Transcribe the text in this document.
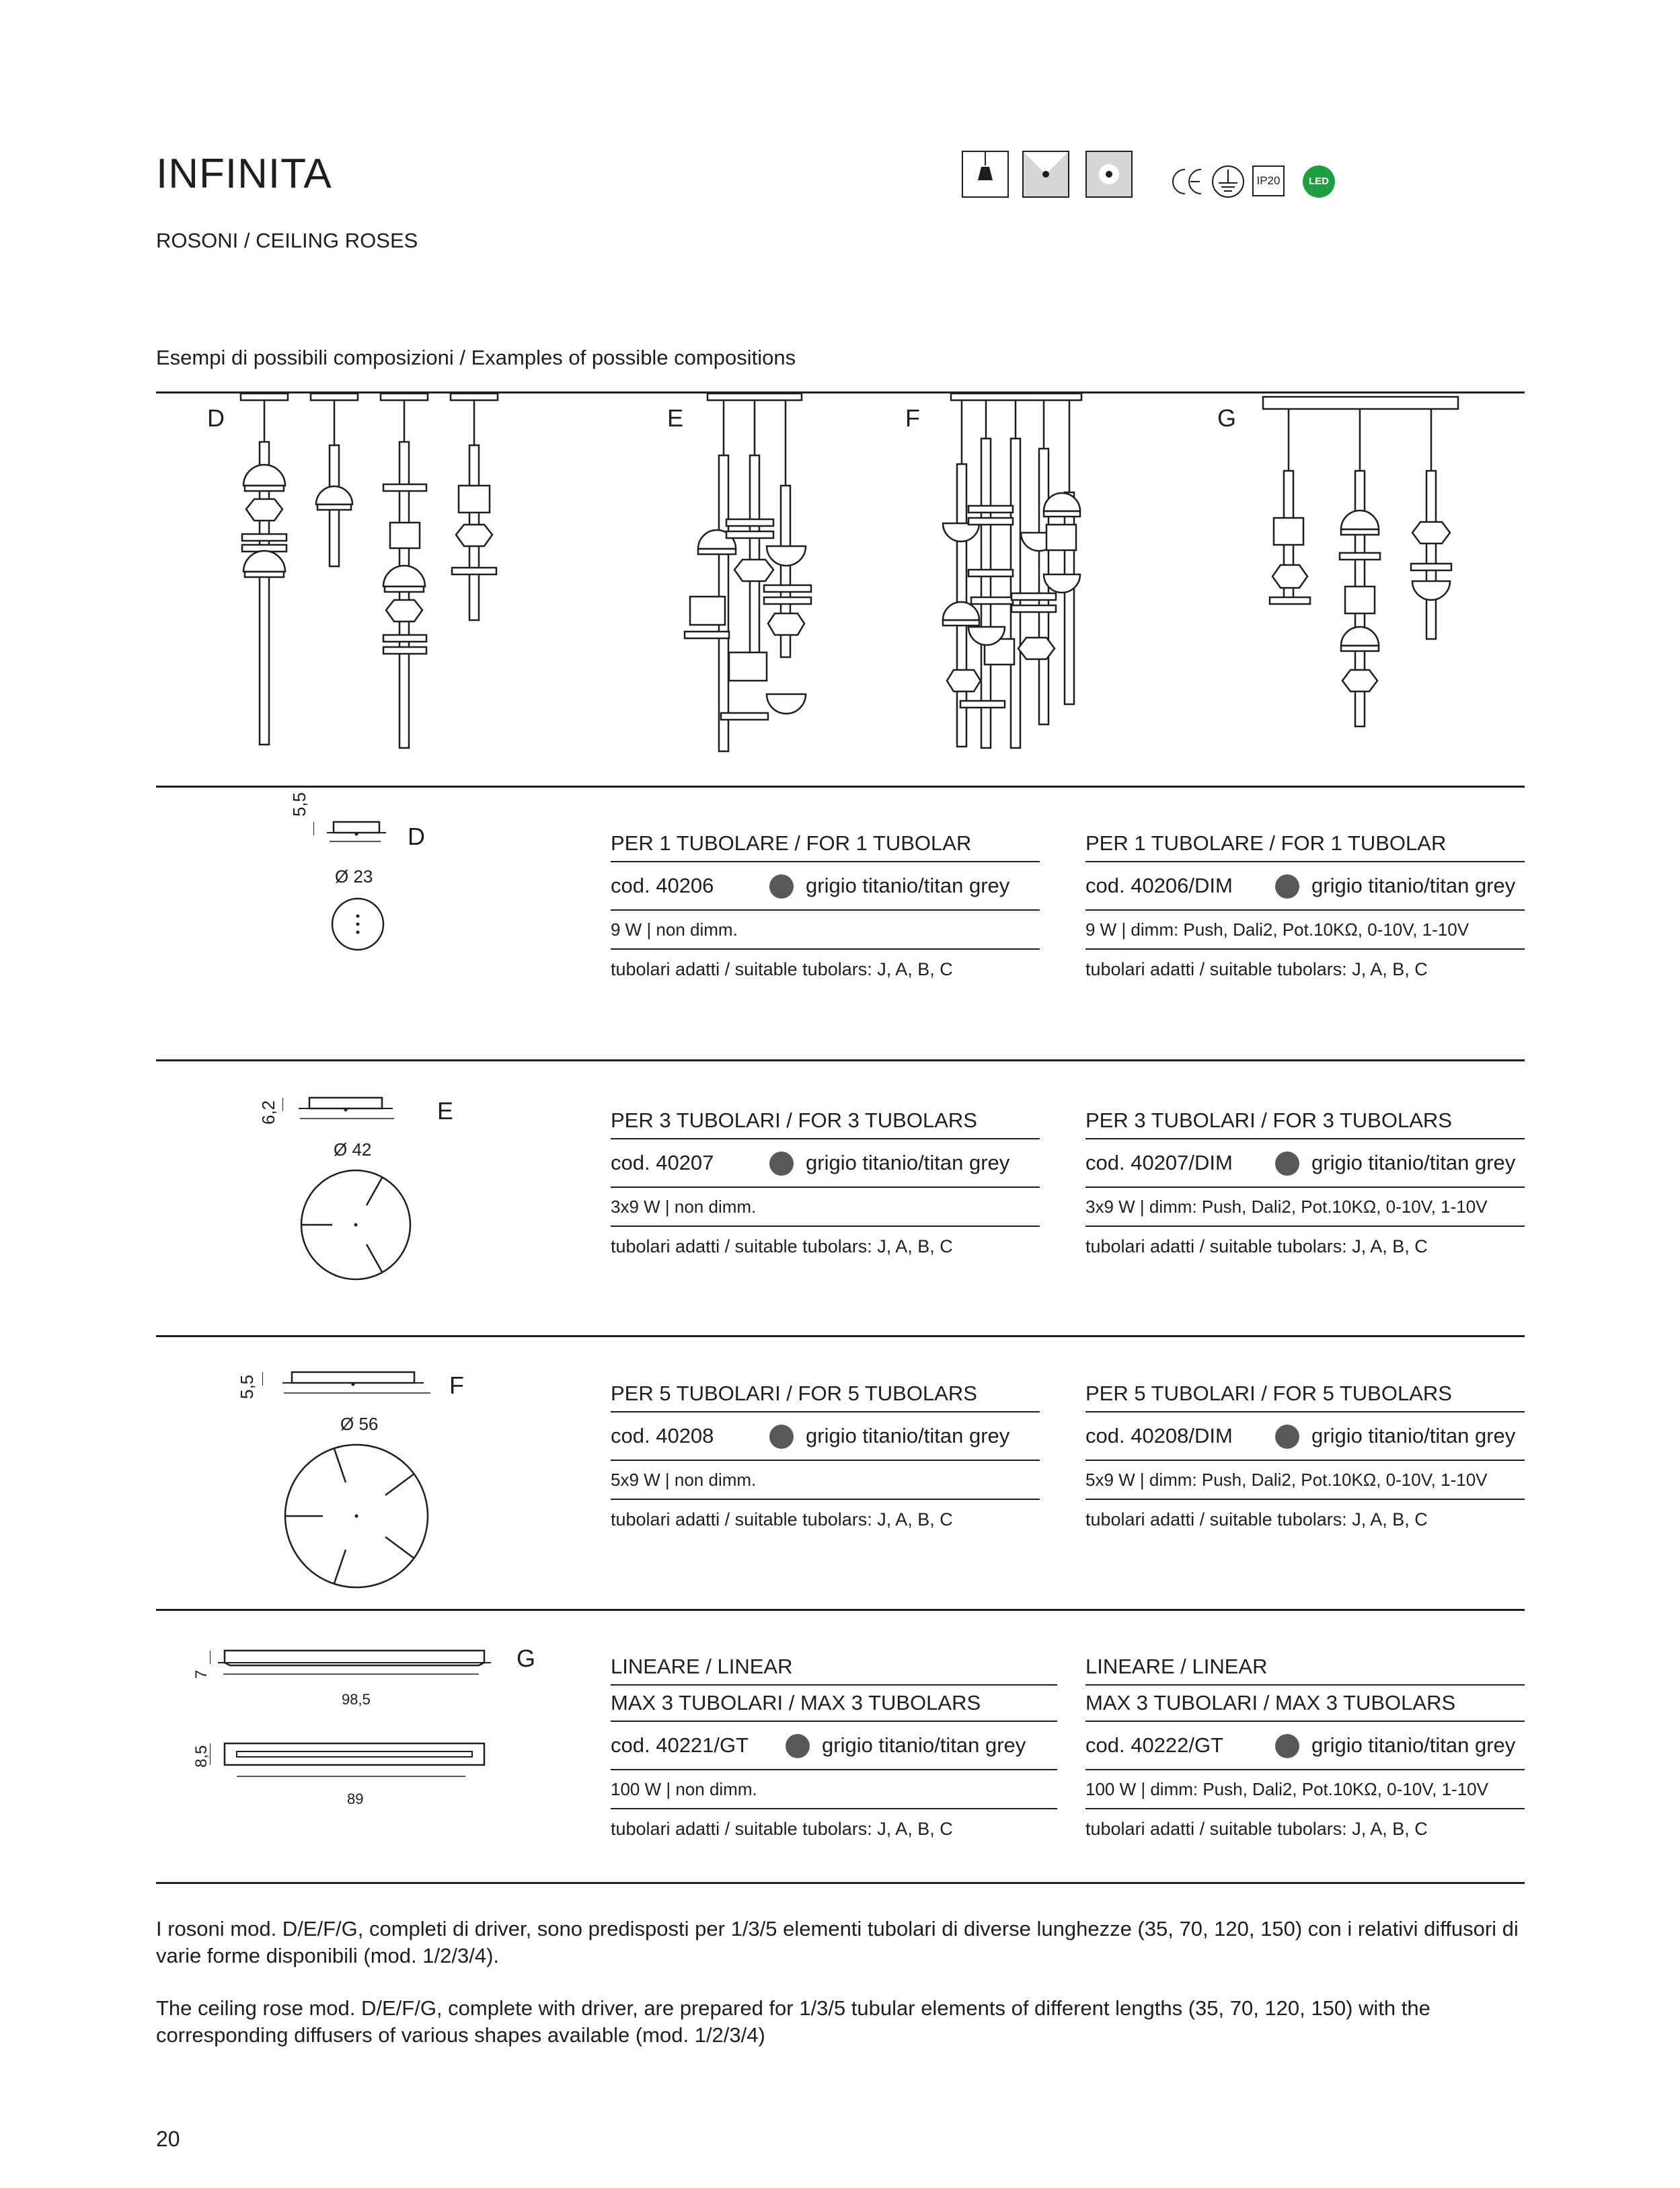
INFINITA
ROSONI / CEILING ROSES
IP20	LED
Esempi di possibili composizioni / Examples of possible compositions
D	E	F	G
5,5
Ø 23
D	PER 1 TUBOLARE / FOR 1 TUBOLAR
cod. 40206	grigio titanio/titan grey
9 W | non dimm.
tubolari adatti / suitable tubolars: J, A, B, C
PER 1 TUBOLARE / FOR 1 TUBOLAR
cod. 40206/DIM	grigio titanio/titan grey
9 W | dimm: Push, Dali2, Pot.10KΩ, 0-10V, 1-10V
tubolari adatti / suitable tubolars: J, A, B, C
6,2
Ø 42
E	PER 3 TUBOLARI / FOR 3 TUBOLARS
cod. 40207	grigio titanio/titan grey
3x9 W | non dimm.
tubolari adatti / suitable tubolars: J, A, B, C
PER 3 TUBOLARI / FOR 3 TUBOLARS
cod. 40207/DIM	grigio titanio/titan grey
3x9 W | dimm: Push, Dali2, Pot.10KΩ, 0-10V, 1-10V
tubolari adatti / suitable tubolars: J, A, B, C
5,5
Ø 56
F	PER 5 TUBOLARI / FOR 5 TUBOLARS
cod. 40208	grigio titanio/titan grey
5x9 W | non dimm.
tubolari adatti / suitable tubolars: J, A, B, C
PER 5 TUBOLARI / FOR 5 TUBOLARS
cod. 40208/DIM	grigio titanio/titan grey
5x9 W | dimm: Push, Dali2, Pot.10KΩ, 0-10V, 1-10V
tubolari adatti / suitable tubolars: J, A, B, C
7
98,5
8,5
89
G	LINEARE / LINEAR
MAX 3 TUBOLARI / MAX 3 TUBOLARS
cod. 40221/GT	grigio titanio/titan grey
100 W | non dimm.
tubolari adatti / suitable tubolars: J, A, B, C
LINEARE / LINEAR
MAX 3 TUBOLARI / MAX 3 TUBOLARS
cod. 40222/GT	grigio titanio/titan grey
100 W | dimm: Push, Dali2, Pot.10KΩ, 0-10V, 1-10V
tubolari adatti / suitable tubolars: J, A, B, C
I rosoni mod. D/E/F/G, completi di driver, sono predisposti per 1/3/5 elementi tubolari di diverse lunghezze (35, 70, 120, 150) con i relativi diffusori di varie forme disponibili (mod. 1/2/3/4).
The ceiling rose mod. D/E/F/G, complete with driver, are prepared for 1/3/5 tubular elements of different lengths (35, 70, 120, 150) with the corresponding diffusers of various shapes available (mod. 1/2/3/4)
20
